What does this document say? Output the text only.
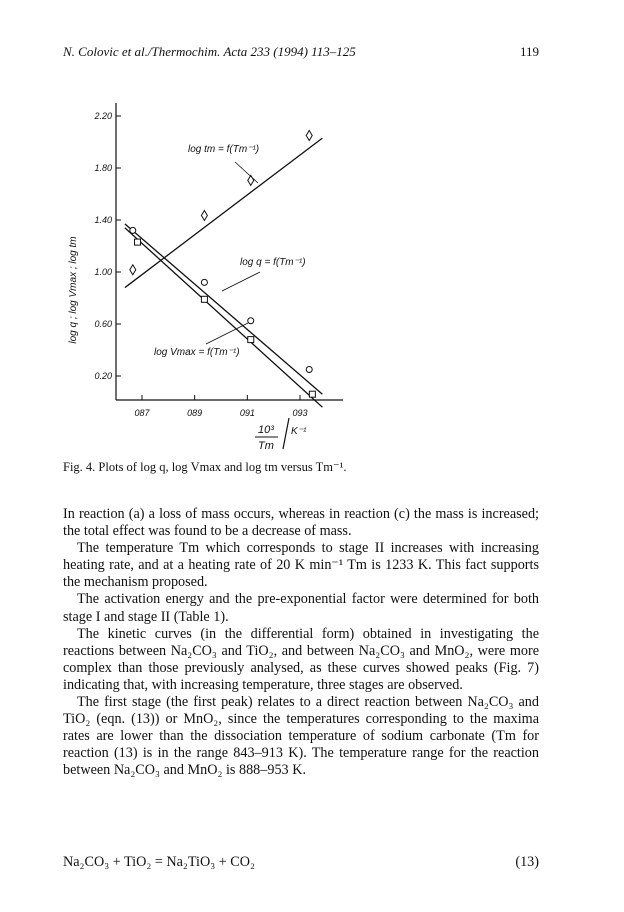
N. Colovic et al./Thermochim. Acta 233 (1994) 113–125	119
2.20
1.80
1.40
1.00
0.60
0.20
087	089	091	093
log q ; log Vmax ; log tm
10³
Tm
K⁻¹
log tm = f(Tm⁻¹)
log q = f(Tm⁻¹)
log Vmax = f(Tm⁻¹)
Fig. 4. Plots of log q, log Vmax and log tm versus Tm⁻¹.

In reaction (a) a loss of mass occurs, whereas in reaction (c) the mass is increased; the total effect was found to be a decrease of mass.

The temperature Tm which corresponds to stage II increases with increasing heating rate, and at a heating rate of 20 K min⁻¹ Tm is 1233 K. This fact supports the mechanism proposed.

The activation energy and the pre-exponential factor were determined for both stage I and stage II (Table 1).

The kinetic curves (in the differential form) obtained in investigating the reactions between Na₂CO₃ and TiO₂, and between Na₂CO₃ and MnO₂, were more complex than those previously analysed, as these curves showed peaks (Fig. 7) indicating that, with increasing temperature, three stages are observed.

The first stage (the first peak) relates to a direct reaction between Na₂CO₃ and TiO₂ (eqn. (13)) or MnO₂, since the temperatures corresponding to the maxima rates are lower than the dissociation temperature of sodium carbonate (Tm for reaction (13) is in the range 843–913 K). The temperature range for the reaction between Na₂CO₃ and MnO₂ is 888–953 K.

Na₂CO₃ + TiO₂ = Na₂TiO₃ + CO₂	(13)
